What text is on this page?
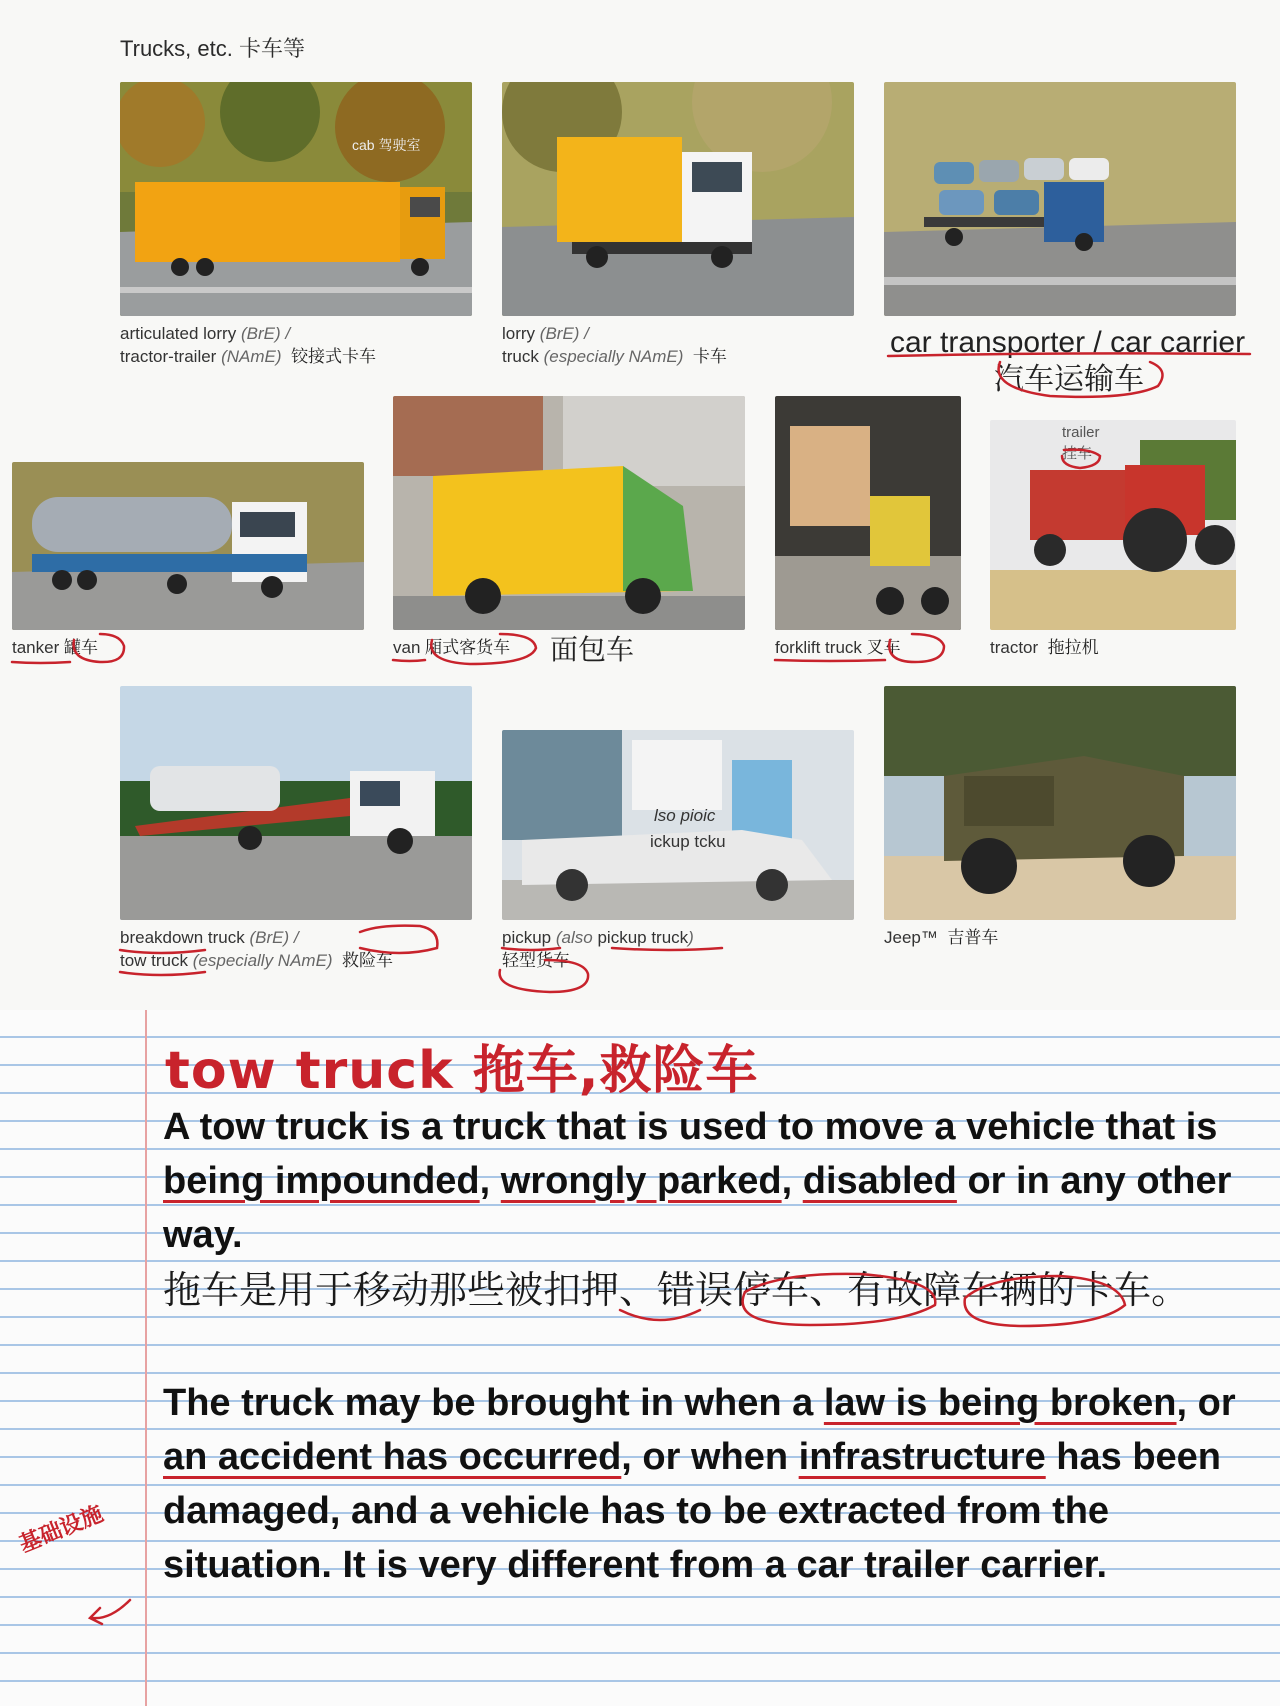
Trucks, etc. 卡车等
cab 驾驶室
articulated lorry (BrE) /
tractor-trailer (NAmE) 铰接式卡车
lorry (BrE) /
truck (especially NAmE) 卡车	car transporter / car carrier
汽车运输车
trailer
挂车
tanker 罐车	van 厢式客货车 面包车	forklift truck 叉车	tractor 拖拉机
lso pioic
ickup tcku
breakdown truck (BrE) /
tow truck (especially NAmE) 救险车
pickup (also pickup truck)
轻型货车
Jeep™ 吉普车
tow truck 拖车,救险车
A tow truck is a truck that is used to move a vehicle that is being impounded, wrongly parked, disabled or in any other way.
拖车是用于移动那些被扣押、错误停车、有故障车辆的卡车。
The truck may be brought in when a law is being broken, or an accident has occurred, or when infrastructure has been damaged, and a vehicle has to be extracted from the situation. It is very different from a car trailer carrier.
基础设施
